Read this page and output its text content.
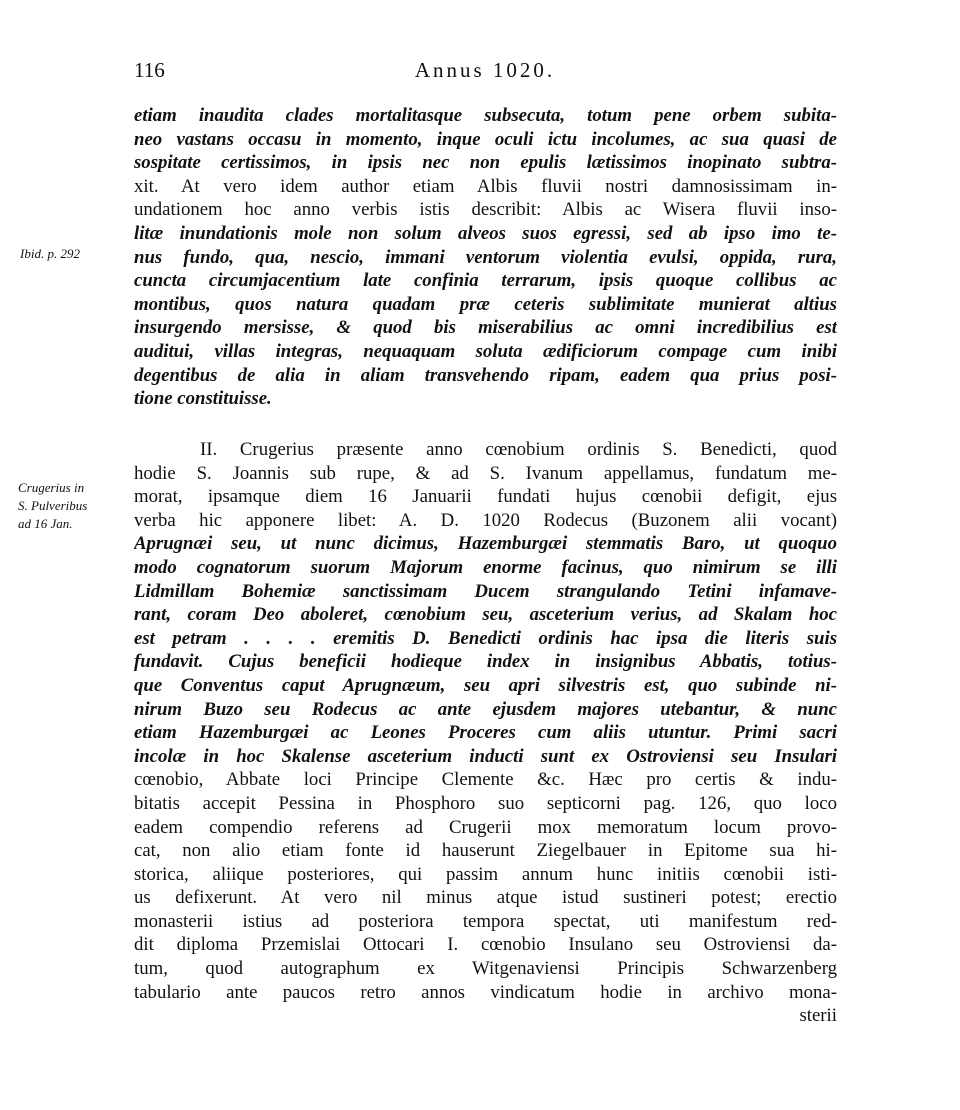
116	Annus 1020.
Ibid. p. 292
Crugerius in
S. Pulveribus
ad 16 Jan.
etiam inaudita clades mortalitasque subsecuta, totum pene orbem subita-
neo vastans occasu in momento, inque oculi ictu incolumes, ac sua quasi de
sospitate certissimos, in ipsis nec non epulis lætissimos inopinato subtra-
xit. At vero idem author etiam Albis fluvii nostri damnosissimam in-
undationem hoc anno verbis istis describit: Albis ac Wisera fluvii inso-
litæ inundationis mole non solum alveos suos egressi, sed ab ipso imo te-
nus fundo, qua, nescio, immani ventorum violentia evulsi, oppida, rura,
cuncta circumjacentium late confinia terrarum, ipsis quoque collibus ac
montibus, quos natura quadam præ ceteris sublimitate munierat altius
insurgendo mersisse, & quod bis miserabilius ac omni incredibilius est
auditui, villas integras, nequaquam soluta ædificiorum compage cum inibi
degentibus de alia in aliam transvehendo ripam, eadem qua prius posi-
tione constituisse.
II. Crugerius præsente anno cœnobium ordinis S. Benedicti, quod
hodie S. Joannis sub rupe, & ad S. Ivanum appellamus, fundatum me-
morat, ipsamque diem 16 Januarii fundati hujus cœnobii defigit, ejus
verba hic apponere libet: A. D. 1020 Rodecus (Buzonem alii vocant)
Aprugnæi seu, ut nunc dicimus, Hazemburgæi stemmatis Baro, ut quoquo
modo cognatorum suorum Majorum enorme facinus, quo nimirum se illi
Lidmillam Bohemiæ sanctissimam Ducem strangulando Tetini infamave-
rant, coram Deo aboleret, cœnobium seu, asceterium verius, ad Skalam hoc
est petram . . . . eremitis D. Benedicti ordinis hac ipsa die literis suis
fundavit. Cujus beneficii hodieque index in insignibus Abbatis, totius-
que Conventus caput Aprugnæum, seu apri silvestris est, quo subinde ni-
nirum Buzo seu Rodecus ac ante ejusdem majores utebantur, & nunc
etiam Hazemburgæi ac Leones Proceres cum aliis utuntur. Primi sacri
incolæ in hoc Skalense asceterium inducti sunt ex Ostroviensi seu Insulari
cœnobio, Abbate loci Principe Clemente &c. Hæc pro certis & indu-
bitatis accepit Pessina in Phosphoro suo septicorni pag. 126, quo loco
eadem compendio referens ad Crugerii mox memoratum locum provo-
cat, non alio etiam fonte id hauserunt Ziegelbauer in Epitome sua hi-
storica, aliique posteriores, qui passim annum hunc initiis cœnobii isti-
us defixerunt. At vero nil minus atque istud sustineri potest; erectio
monasterii istius ad posteriora tempora spectat, uti manifestum red-
dit diploma Przemislai Ottocari I. cœnobio Insulano seu Ostroviensi da-
tum, quod autographum ex Witgenaviensi Principis Schwarzenberg
tabulario ante paucos retro annos vindicatum hodie in archivo mona-
sterii
